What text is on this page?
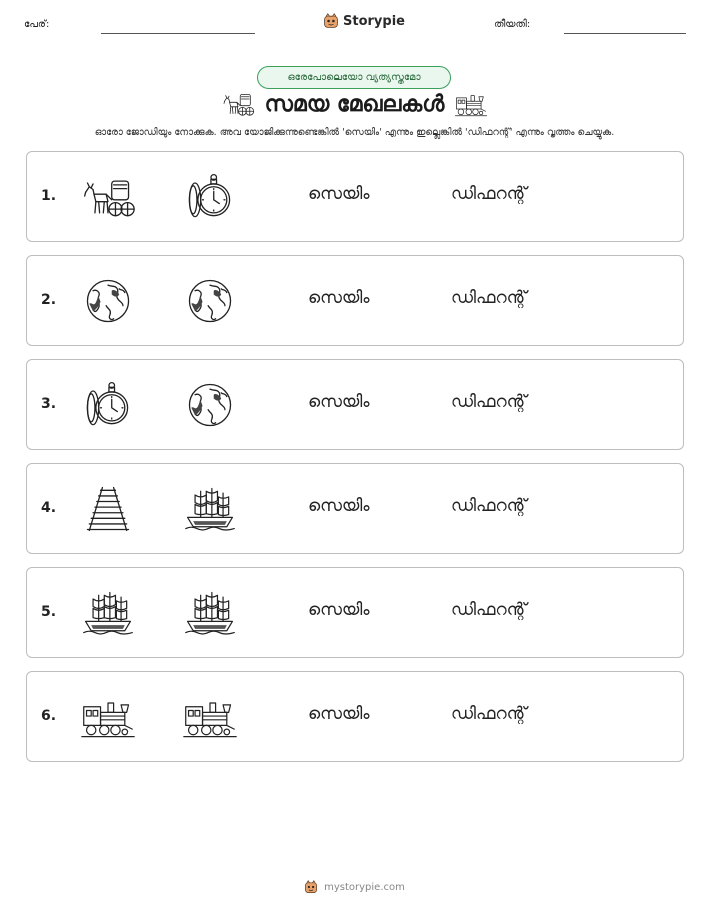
പേര്:	Storypie	തീയതി:
ഒരേപോലെയോ വ്യത്യസ്തമോ
സമയ മേഖലകൾ
ഓരോ ജോഡിയും നോക്കുക. അവ യോജിക്കുന്നുണ്ടെങ്കിൽ 'സെയിം' എന്നും ഇല്ലെങ്കിൽ 'ഡിഫറന്റ്' എന്നും വൃത്തം ചെയ്യുക.
1.	സെയിം	ഡിഫറന്റ്
2.	സെയിം	ഡിഫറന്റ്
3.	സെയിം	ഡിഫറന്റ്
4.	സെയിം	ഡിഫറന്റ്
5.	സെയിം	ഡിഫറന്റ്
6.	സെയിം	ഡിഫറന്റ്
mystorypie.com
